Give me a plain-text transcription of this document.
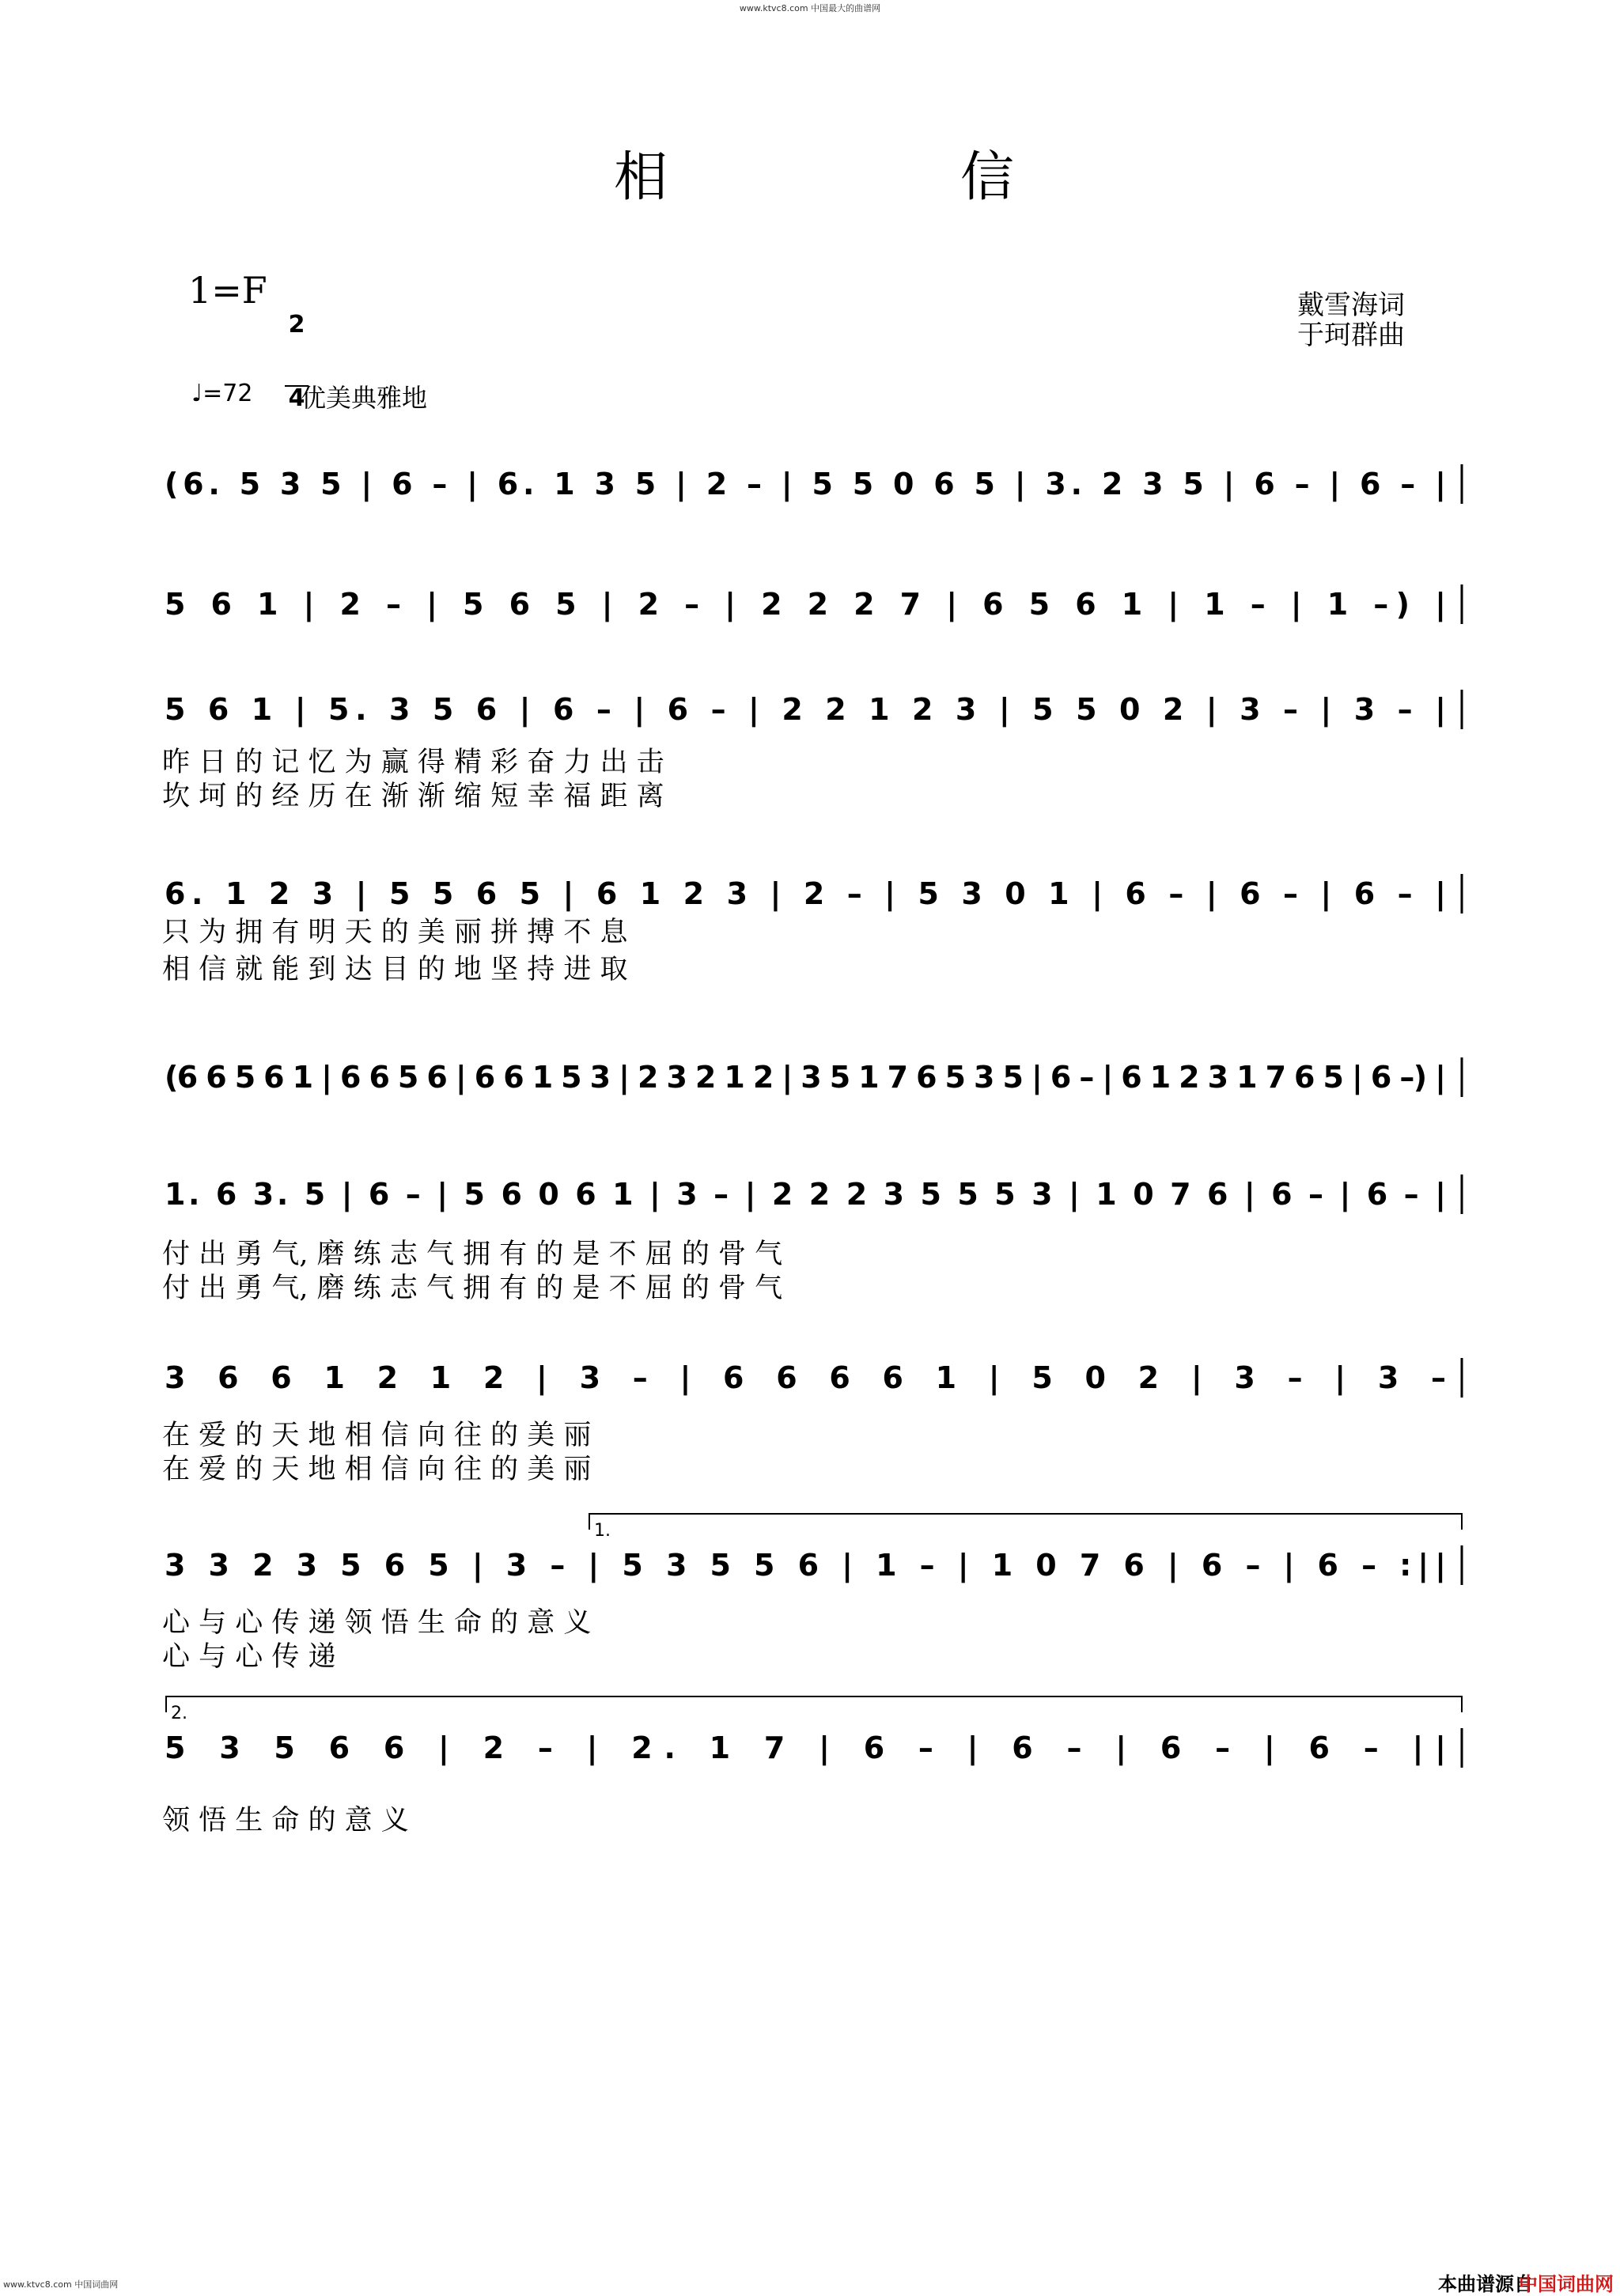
www.ktvc8.com 中国最大的曲谱网
相	信
1=F

2

4

戴雪海词
于珂群曲
♩=72 优美典雅地
(6. 5 3 5 | 6 – | 6. 1 3 5 | 2 – | 5 5 0 6 5 | 3. 2 3 5 | 6 – | 6 – |
5 6 1 | 2 – | 5 6 5 | 2 – | 2 2 2 7 | 6 5 6 1 | 1 – | 1 –) |
5 6 1 | 5. 3 5 6 | 6 – | 6 – | 2 2 1 2 3 | 5 5 0 2 | 3 – | 3 – |
昨 日 的 记 忆 为 赢 得 精 彩 奋 力 出 击
坎 坷 的 经 历 在 渐 渐 缩 短 幸 福 距 离
6. 1 2 3 | 5 5 6 5 | 6 1 2 3 | 2 – | 5 3 0 1 | 6 – | 6 – | 6 – |
只 为 拥 有 明 天 的 美 丽 拼 搏 不 息
相 信 就 能 到 达 目 的 地 坚 持 进 取
(6 6 5 6 1 | 6 6 5 6 | 6 6 1 5 3 | 2 3 2 1 2 | 3 5 1 7 6 5 3 5 | 6 – | 6 1 2 3 1 7 6 5 | 6 –) |
1. 6 3. 5 | 6 – | 5 6 0 6 1 | 3 – | 2 2 2 3 5 5 5 3 | 1 0 7 6 | 6 – | 6 – |
付 出 勇 气, 磨 练 志 气 拥 有 的 是 不 屈 的 骨 气
付 出 勇 气, 磨 练 志 气 拥 有 的 是 不 屈 的 骨 气
3 6 6 1 2 1 2 | 3 – | 6 6 6 6 1 | 5 0 2 | 3 – | 3 –
在 爱 的 天 地 相 信 向 往 的 美 丽
在 爱 的 天 地 相 信 向 往 的 美 丽
3 3 2 3 5 6 5 | 3 – | 5 3 5 5 6 | 1 – | 1 0 7 6 | 6 – | 6 – :||
1.
心 与 心 传 递 领 悟 生 命 的 意 义
心 与 心 传 递
5 3 5 6 6 | 2 – | 2. 1 7 | 6 – | 6 – | 6 – | 6 – ||
2.
领 悟 生 命 的 意 义
本曲谱源自
中国词曲网
www.ktvc8.com 中国词曲网
